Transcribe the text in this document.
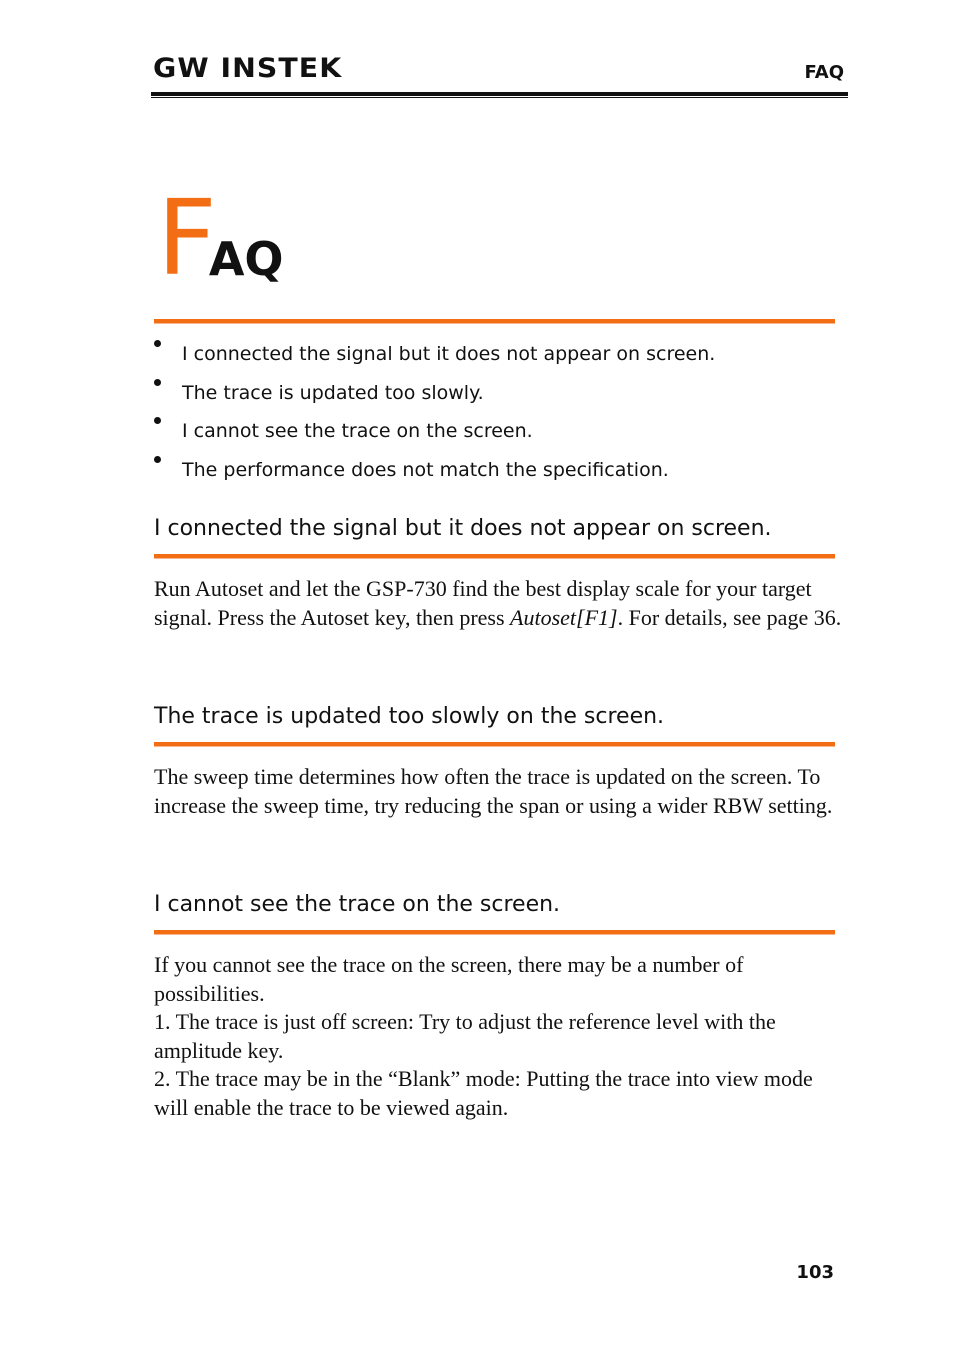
GW INSTEK	FAQ
FAQ
I connected the signal but it does not appear on screen.
The trace is updated too slowly.
I cannot see the trace on the screen.
The performance does not match the specification.
I connected the signal but it does not appear on screen.

Run Autoset and let the GSP-730 find the best display scale for your target signal. Press the Autoset key, then press Autoset[F1]. For details, see page 36.

The trace is updated too slowly on the screen.

The sweep time determines how often the trace is updated on the screen. To increase the sweep time, try reducing the span or using a wider RBW setting.

I cannot see the trace on the screen.

If you cannot see the trace on the screen, there may be a number of possibilities.

1. The trace is just off screen: Try to adjust the reference level with the amplitude key.

2. The trace may be in the “Blank” mode: Putting the trace into view mode will enable the trace to be viewed again.

103
